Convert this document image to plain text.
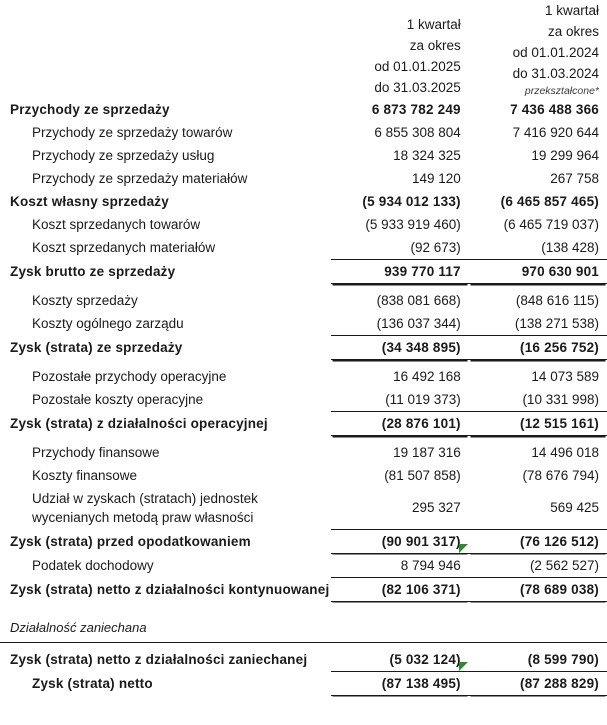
1 kwartał
za okres
od 01.01.2025
do 31.03.2025

1 kwartał
za okres
od 01.01.2024
do 31.03.2024
przekształcone*

Przychody ze sprzedaży	6 873 782 249	7 436 488 366
Przychody ze sprzedaży towarów	6 855 308 804	7 416 920 644
Przychody ze sprzedaży usług	18 324 325	19 299 964
Przychody ze sprzedaży materiałów	149 120	267 758
Koszt własny sprzedaży	(5 934 012 133)	(6 465 857 465)
Koszt sprzedanych towarów	(5 933 919 460)	(6 465 719 037)
Koszt sprzedanych materiałów	(92 673)	(138 428)
Zysk brutto ze sprzedaży	939 770 117	970 630 901

Koszty sprzedaży	(838 081 668)	(848 616 115)
Koszty ogólnego zarządu	(136 037 344)	(138 271 538)
Zysk (strata) ze sprzedaży	(34 348 895)	(16 256 752)

Pozostałe przychody operacyjne	16 492 168	14 073 589
Pozostałe koszty operacyjne	(11 019 373)	(10 331 998)
Zysk (strata) z działalności operacyjnej	(28 876 101)	(12 515 161)

Przychody finansowe	19 187 316	14 496 018
Koszty finansowe	(81 507 858)	(78 676 794)
Udział w zyskach (stratach) jednostek wycenianych metodą praw własności	295 327	569 425
Zysk (strata) przed opodatkowaniem	(90 901 317)	(76 126 512)
Podatek dochodowy	8 794 946	(2 562 527)
Zysk (strata) netto z działalności kontynuowanej	(82 106 371)	(78 689 038)

Działalność zaniechana		

Zysk (strata) netto z działalności zaniechanej	(5 032 124)	(8 599 790)
Zysk (strata) netto	(87 138 495)	(87 288 829)
